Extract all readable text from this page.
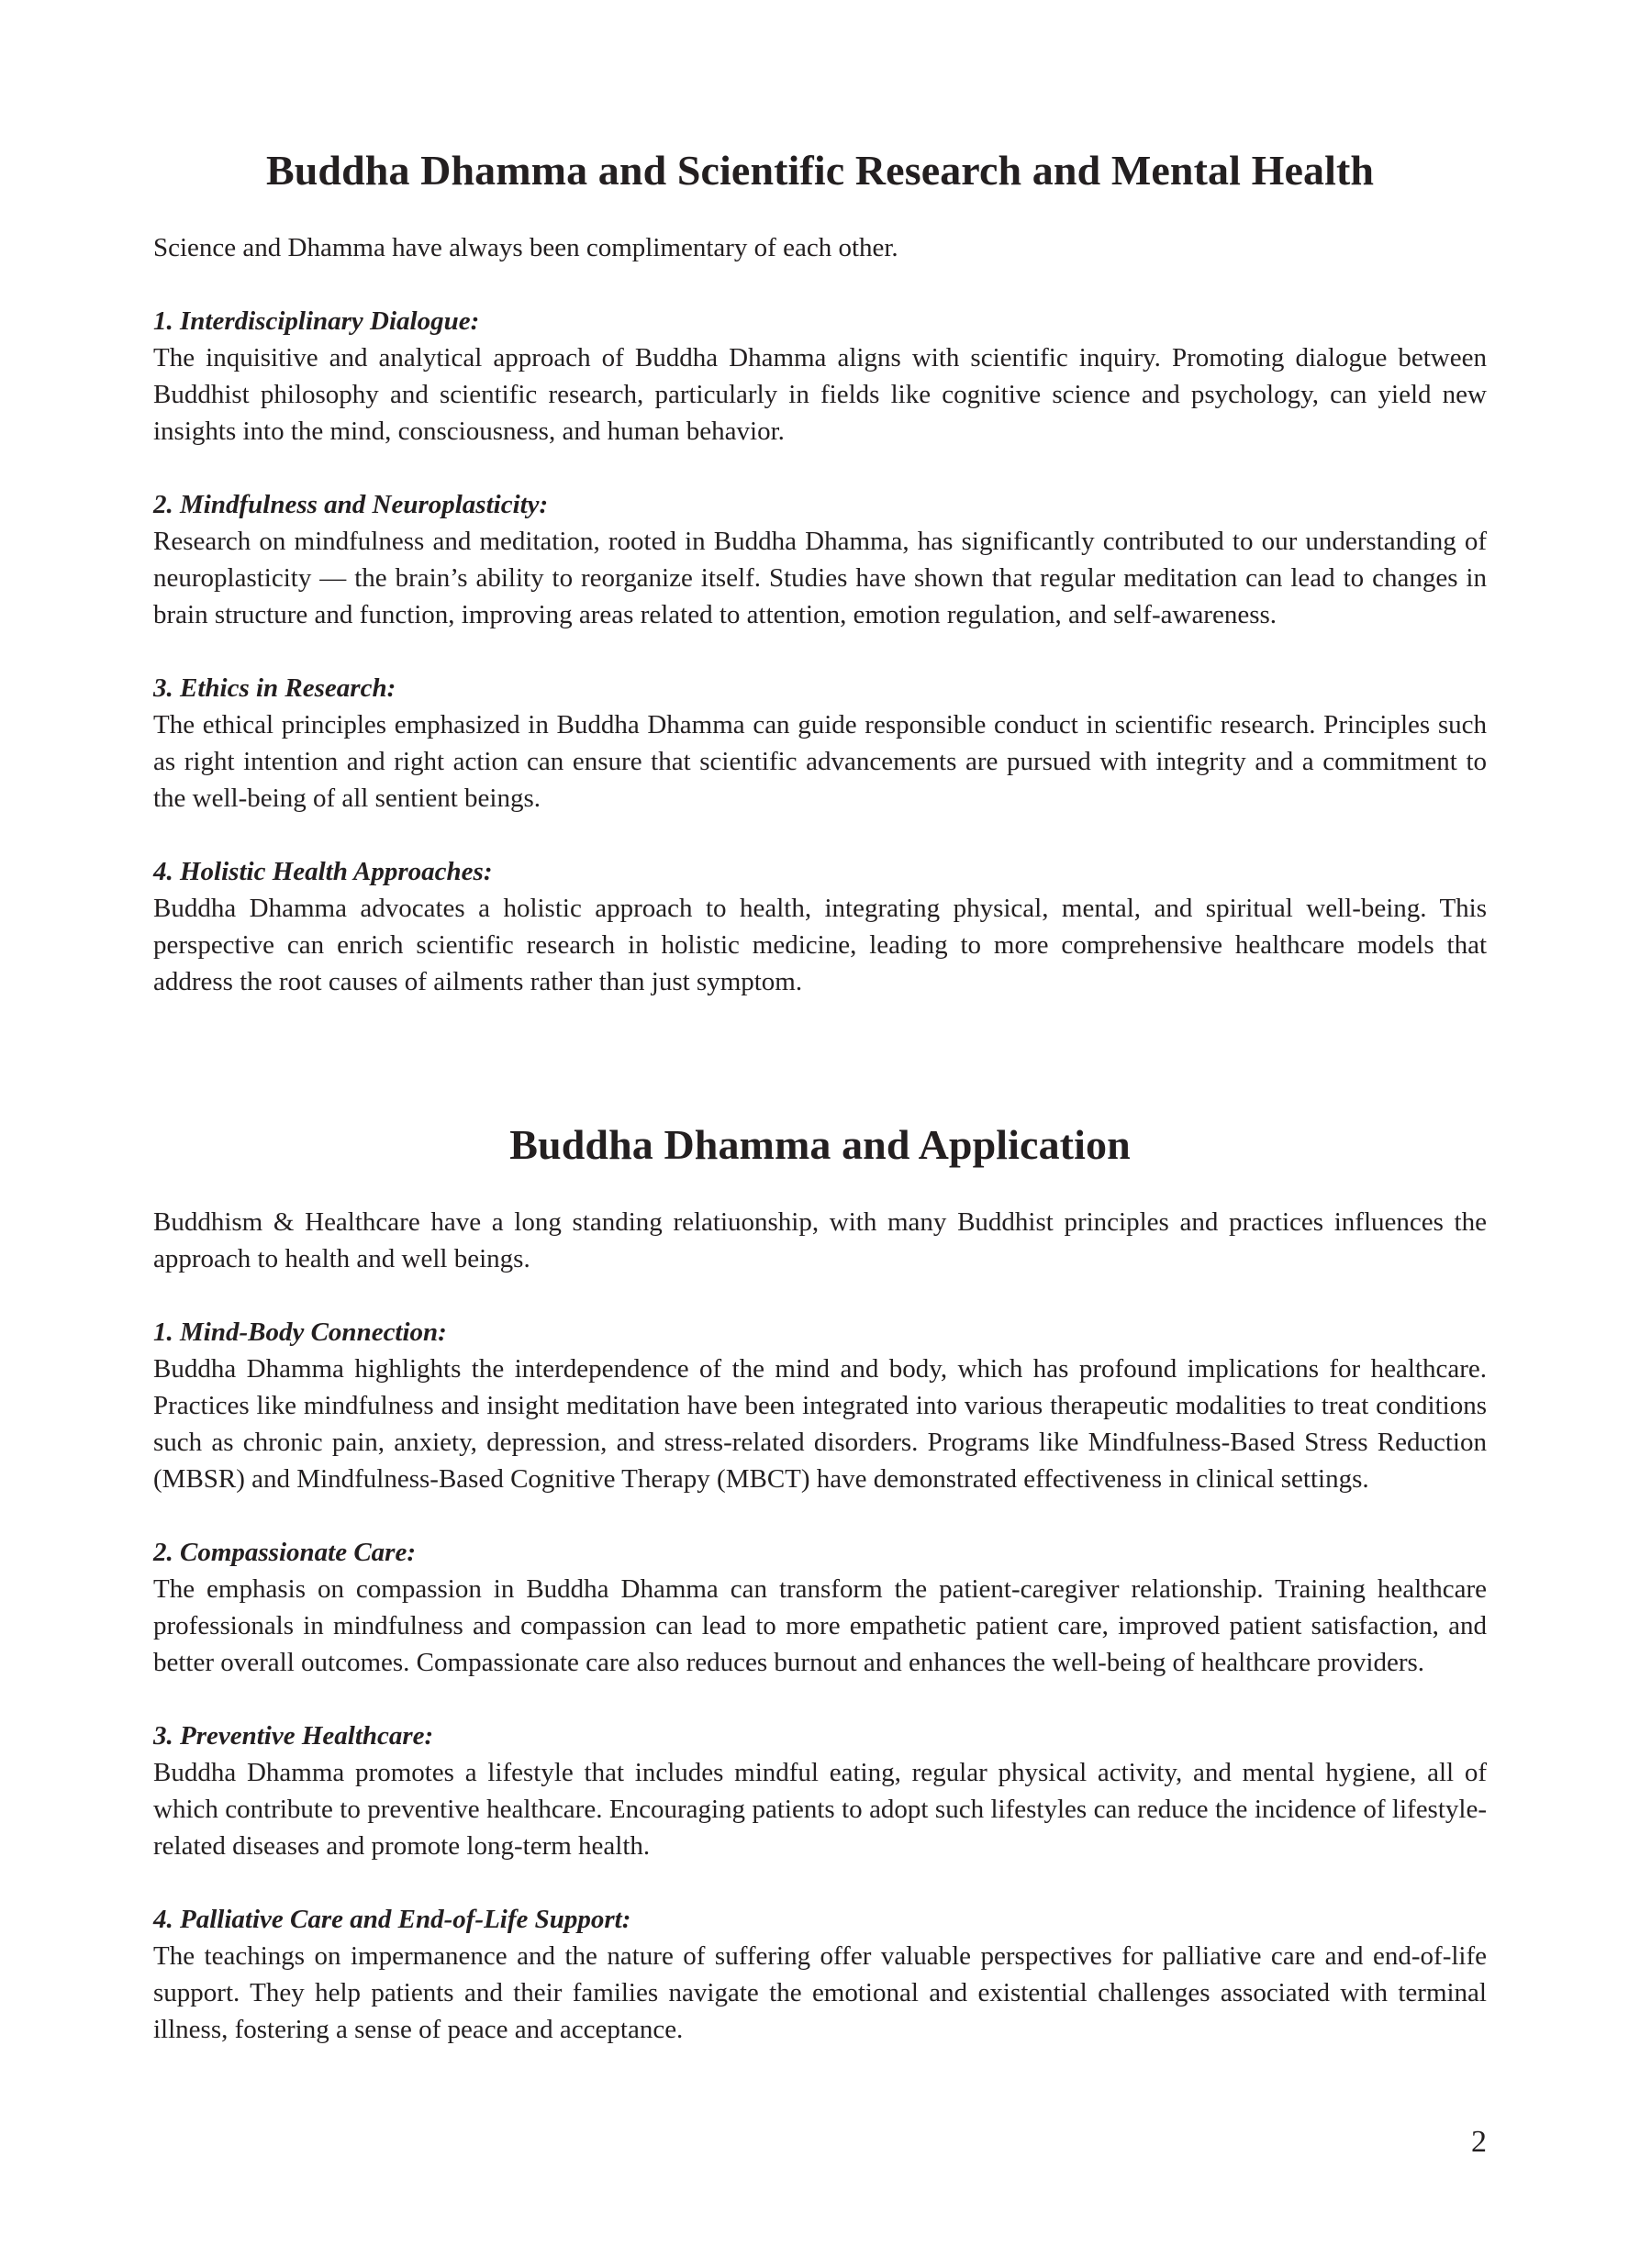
Buddha Dhamma and Scientific Research and Mental Health

Science and Dhamma have always been complimentary of each other.

1. Interdisciplinary Dialogue:
The inquisitive and analytical approach of Buddha Dhamma aligns with scientific inquiry. Promoting dialogue between Buddhist philosophy and scientific research, particularly in fields like cognitive science and psychology, can yield new insights into the mind, consciousness, and human behavior.
2. Mindfulness and Neuroplasticity:
Research on mindfulness and meditation, rooted in Buddha Dhamma, has significantly contributed to our understanding of neuroplasticity — the brain’s ability to reorganize itself. Studies have shown that regular meditation can lead to changes in brain structure and function, improving areas related to attention, emotion regulation, and self-awareness.
3. Ethics in Research:
The ethical principles emphasized in Buddha Dhamma can guide responsible conduct in scientific research. Principles such as right intention and right action can ensure that scientific advancements are pursued with integrity and a commitment to the well-being of all sentient beings.
4. Holistic Health Approaches:
Buddha Dhamma advocates a holistic approach to health, integrating physical, mental, and spiritual well-being. This perspective can enrich scientific research in holistic medicine, leading to more comprehensive healthcare models that address the root causes of ailments rather than just symptom.
Buddha Dhamma and Application

Buddhism & Healthcare have a long standing relatiuonship, with many Buddhist principles and practices influences the approach to health and well beings.

1. Mind-Body Connection:
Buddha Dhamma highlights the interdependence of the mind and body, which has profound implications for healthcare. Practices like mindfulness and insight meditation have been integrated into various therapeutic modalities to treat conditions such as chronic pain, anxiety, depression, and stress-related disorders. Programs like Mindfulness-Based Stress Reduction (MBSR) and Mindfulness-Based Cognitive Therapy (MBCT) have demonstrated effectiveness in clinical settings.
2. Compassionate Care:
The emphasis on compassion in Buddha Dhamma can transform the patient-caregiver relationship. Training healthcare professionals in mindfulness and compassion can lead to more empathetic patient care, improved patient satisfaction, and better overall outcomes. Compassionate care also reduces burnout and enhances the well-being of healthcare providers.
3. Preventive Healthcare:
Buddha Dhamma promotes a lifestyle that includes mindful eating, regular physical activity, and mental hygiene, all of which contribute to preventive healthcare. Encouraging patients to adopt such lifestyles can reduce the incidence of lifestyle-related diseases and promote long-term health.
4. Palliative Care and End-of-Life Support:
The teachings on impermanence and the nature of suffering offer valuable perspectives for palliative care and end-of-life support. They help patients and their families navigate the emotional and existential challenges associated with terminal illness, fostering a sense of peace and acceptance.
2
